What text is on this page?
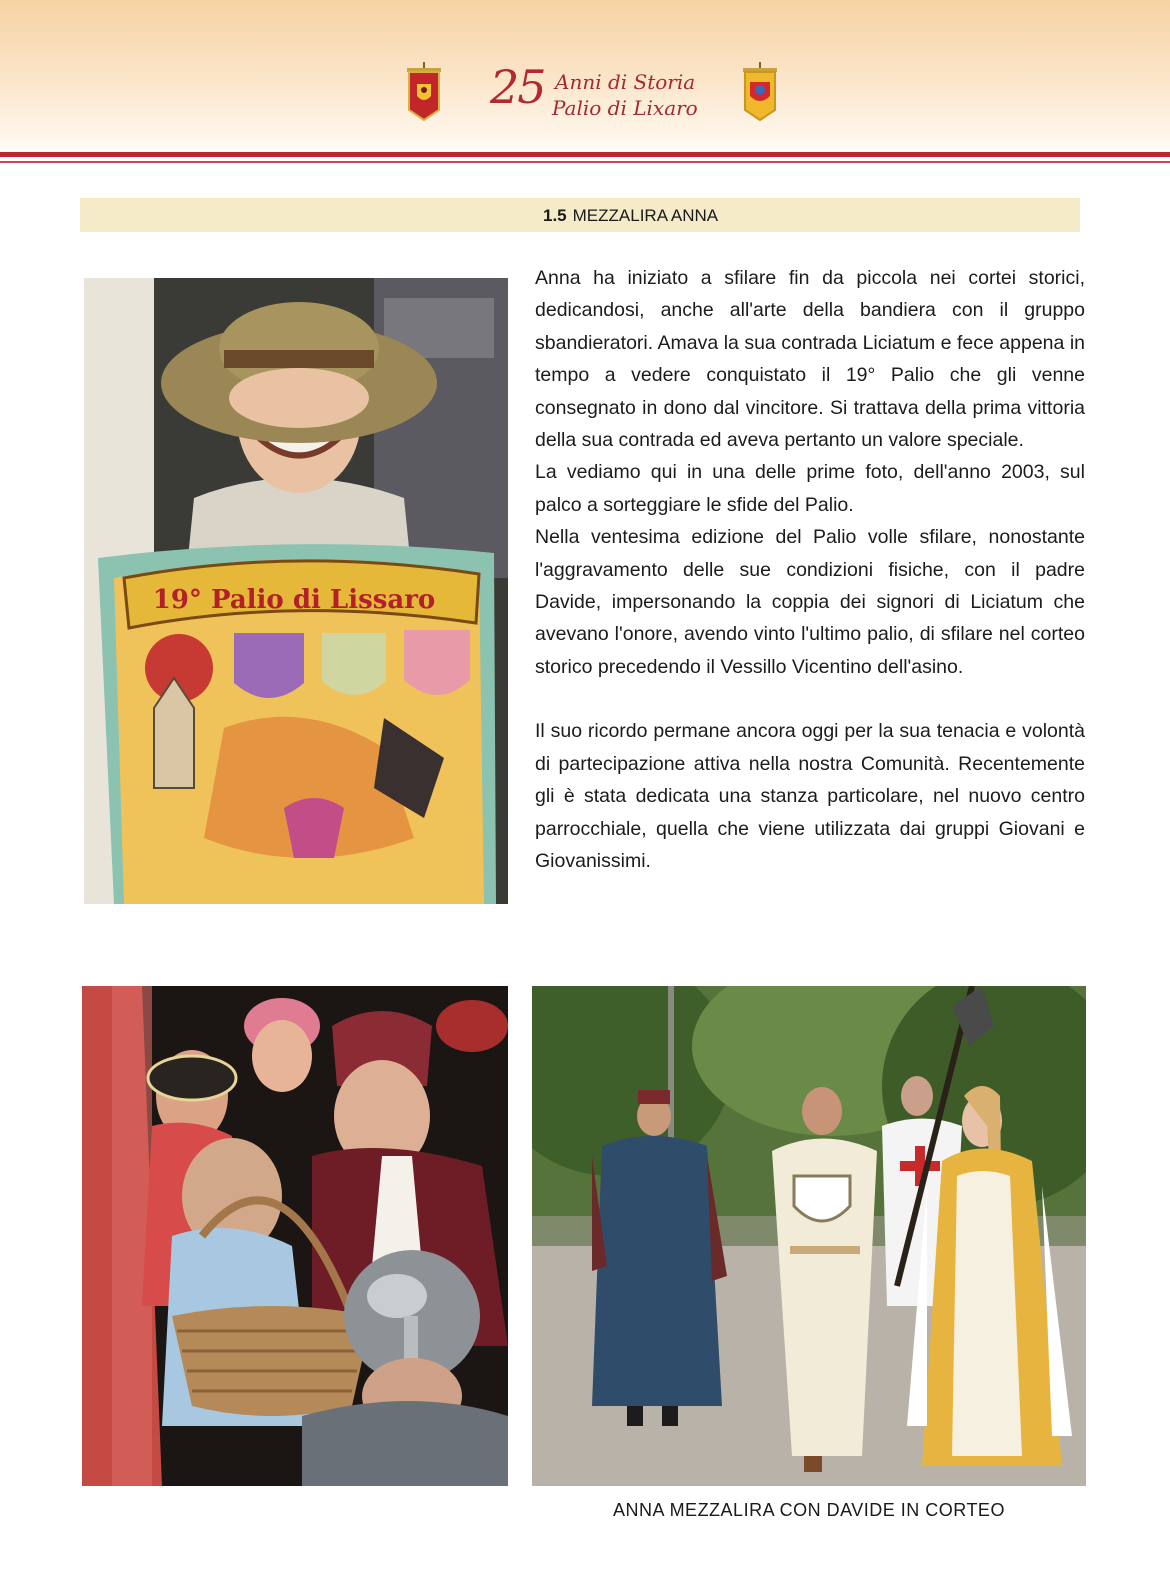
25 Anni di Storia
Palio di Lixaro
1.5 MEZZALIRA ANNA
19° Palio di Lissaro

Anna ha iniziato a sfilare fin da piccola nei cortei storici, dedicandosi, anche all'arte della bandiera con il gruppo sbandieratori. Amava la sua contrada Liciatum e fece appena in tempo a vedere conquistato il 19° Palio che gli venne consegnato in dono dal vincitore. Si trattava della prima vittoria della sua contrada ed aveva pertanto un valore speciale.

La vediamo qui in una delle prime foto, dell'anno 2003, sul palco a sorteggiare le sfide del Palio.

Nella ventesima edizione del Palio volle sfilare, nonostante l'aggravamento delle sue condizioni fisiche, con il padre Davide, impersonando la coppia dei signori di Liciatum che avevano l'onore, avendo vinto l'ultimo palio, di sfilare nel corteo storico precedendo il Vessillo Vicentino dell'asino.

Il suo ricordo permane ancora oggi per la sua tenacia e volontà di partecipazione attiva nella nostra Comunità. Recentemente gli è stata dedicata una stanza particolare, nel nuovo centro parrocchiale, quella che viene utilizzata dai gruppi Giovani e Giovanissimi.

ANNA MEZZALIRA CON DAVIDE IN CORTEO
